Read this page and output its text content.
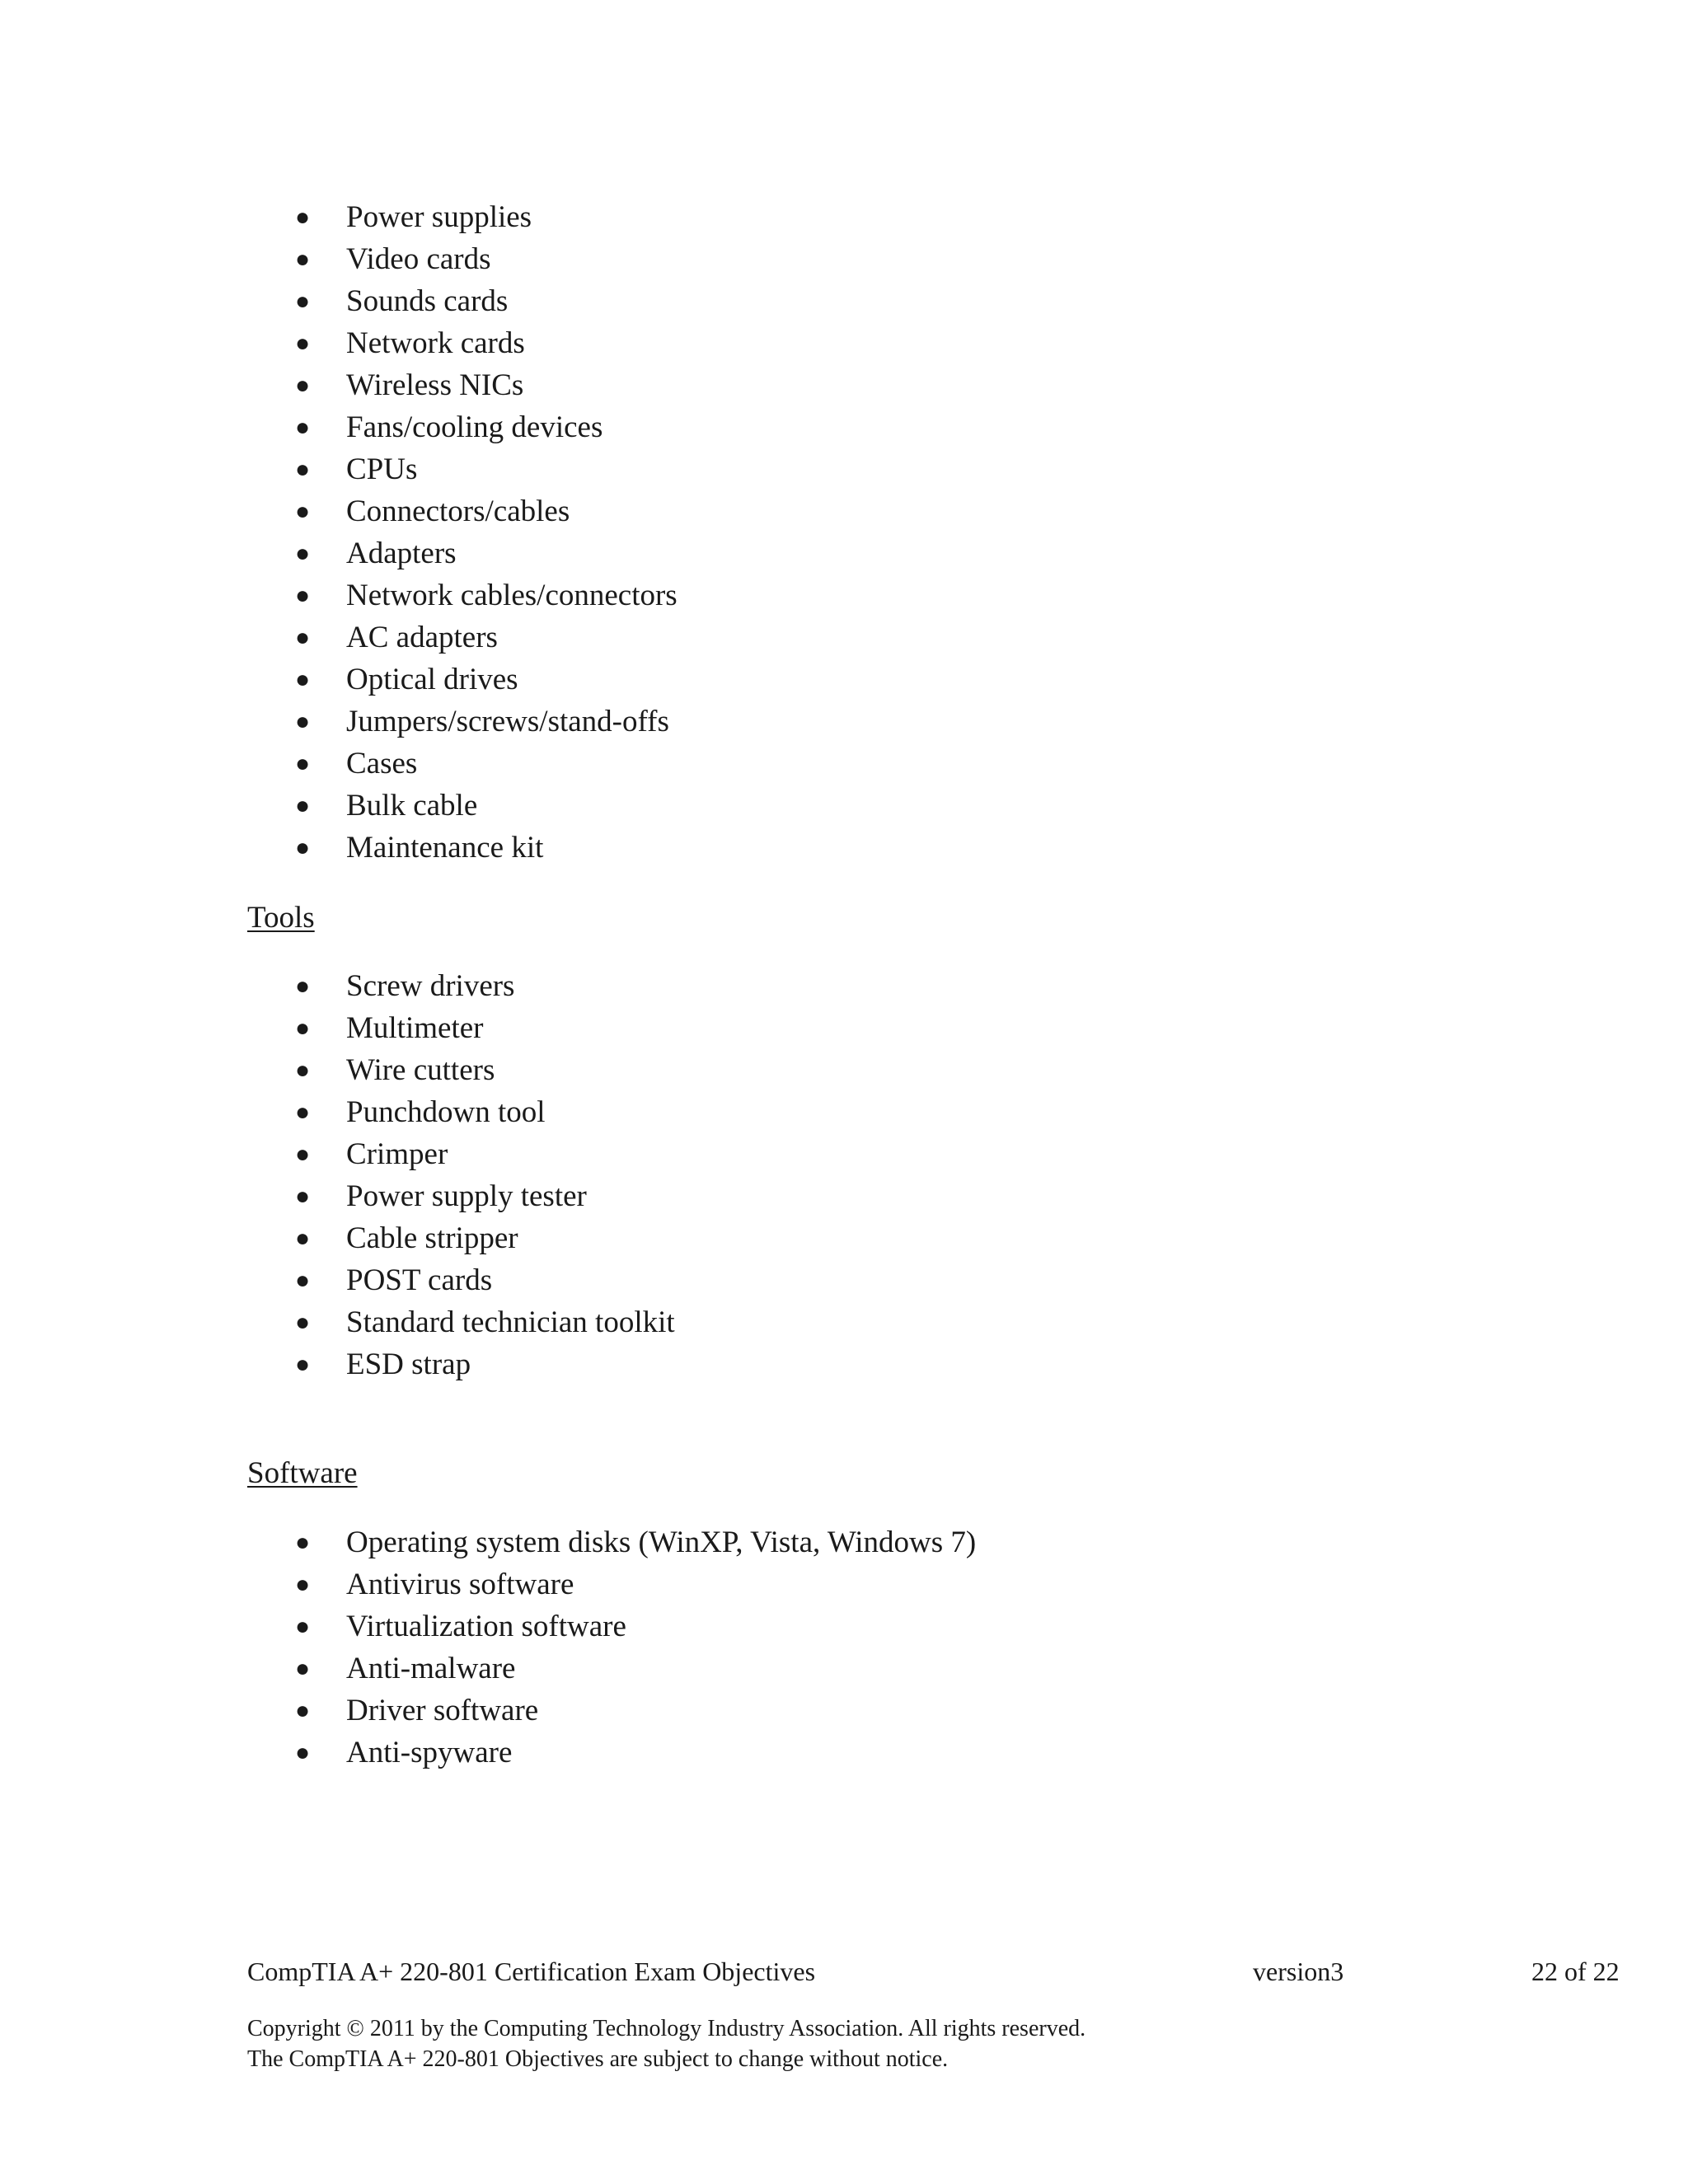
● Power supplies
● Video cards
● Sounds cards
● Network cards
● Wireless NICs
● Fans/cooling devices
● CPUs
● Connectors/cables
● Adapters
● Network cables/connectors
● AC adapters
● Optical drives
● Jumpers/screws/stand-offs
● Cases
● Bulk cable
● Maintenance kit
Tools
● Screw drivers
● Multimeter
● Wire cutters
● Punchdown tool
● Crimper
● Power supply tester
● Cable stripper
● POST cards
● Standard technician toolkit
● ESD strap
Software
● Operating system disks (WinXP, Vista, Windows 7)
● Antivirus software
● Virtualization software
● Anti-malware
● Driver software
● Anti-spyware
CompTIA A+ 220-801 Certification Exam Objectives	version3	22 of 22
Copyright © 2011 by the Computing Technology Industry Association. All rights reserved.
The CompTIA A+ 220-801 Objectives are subject to change without notice.
